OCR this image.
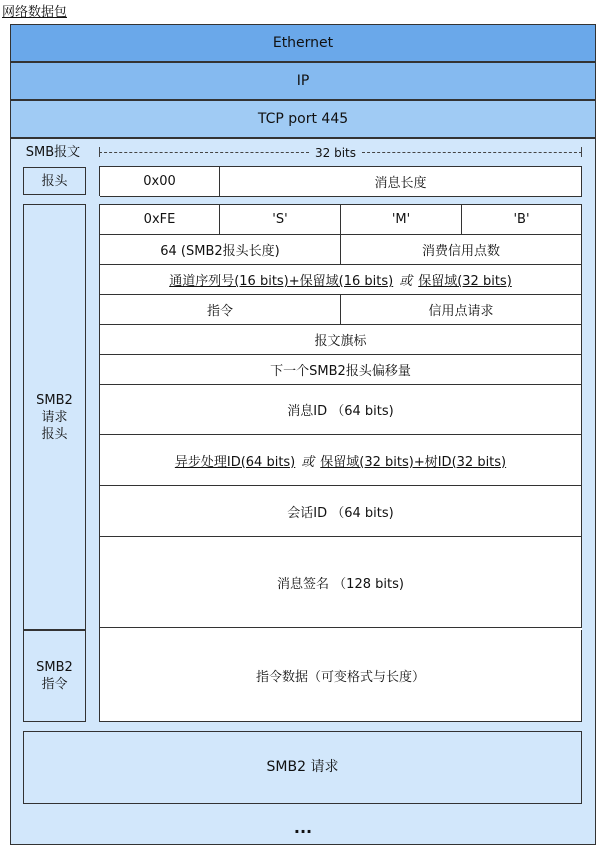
网络数据包
Ethernet
IP
TCP port 445
SMB报文	32 bits
报头	0x00	消息长度
SMB2
请求
报头
0xFE	'S'	'M'	'B'
64 (SMB2报头长度)	消费信用点数
通道序列号(16 bits)+保留域(16 bits) 或 保留域(32 bits)
指令	信用点请求
报文旗标
下一个SMB2报头偏移量
消息ID （64 bits)
异步处理ID(64 bits) 或 保留域(32 bits)+树ID(32 bits)
会话ID （64 bits)
消息签名 （128 bits)
SMB2
指令	指令数据（可变格式与长度）
SMB2 请求
...
